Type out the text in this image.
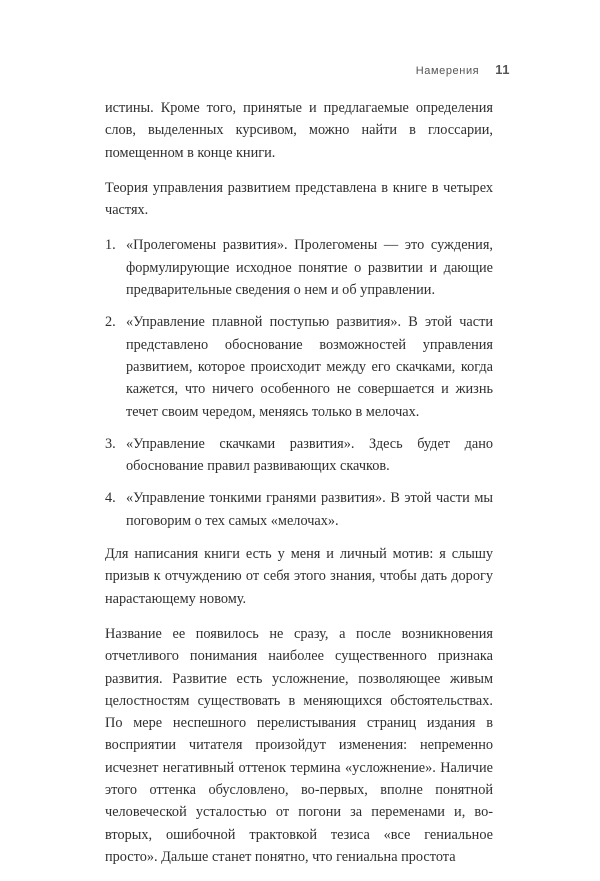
Намерения 11

истины. Кроме того, принятые и предлагаемые определения слов, выделенных курсивом, можно найти в глоссарии, помещенном в конце книги.

Теория управления развитием представлена в книге в четырех частях.

1. «Пролегомены развития». Пролегомены — это суждения, формулирующие исходное понятие о развитии и дающие предварительные сведения о нем и об управлении.
2. «Управление плавной поступью развития». В этой части представлено обоснование возможностей управления развитием, которое происходит между его скачками, когда кажется, что ничего особенного не совершается и жизнь течет своим чередом, меняясь только в мелочах.
3. «Управление скачками развития». Здесь будет дано обоснование правил развивающих скачков.
4. «Управление тонкими гранями развития». В этой части мы поговорим о тех самых «мелочах».

Для написания книги есть у меня и личный мотив: я слышу призыв к отчуждению от себя этого знания, чтобы дать дорогу нарастающему новому.

Название ее появилось не сразу, а после возникновения отчетливого понимания наиболее существенного признака развития. Развитие есть усложнение, позволяющее живым целостностям существовать в меняющихся обстоятельствах. По мере неспешного перелистывания страниц издания в восприятии читателя произойдут изменения: непременно исчезнет негативный оттенок термина «усложнение». Наличие этого оттенка обусловлено, во-первых, вполне понятной человеческой усталостью от погони за переменами и, во-вторых, ошибочной трактовкой тезиса «все гениальное просто». Дальше станет понятно, что гениальна простота
